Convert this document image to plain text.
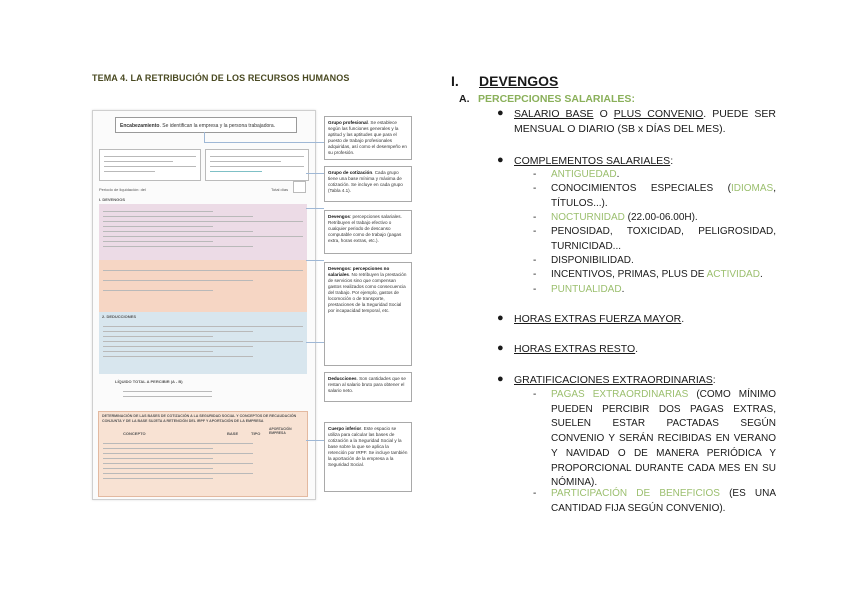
TEMA 4. LA RETRIBUCIÓN DE LOS RECURSOS HUMANOS
Encabezamiento. Se identifican la empresa y la persona trabajadora.
Periodo de liquidación: del	Total días
I. DEVENGOS
2. DEDUCCIONES
LÍQUIDO TOTAL A PERCIBIR (A - B)
DETERMINACIÓN DE LAS BASES DE COTIZACIÓN A LA SEGURIDAD SOCIAL Y CONCEPTOS DE RECAUDACIÓN CONJUNTA Y DE LA BASE SUJETA A RETENCIÓN DEL IRPF Y APORTACIÓN DE LA EMPRESA
CONCEPTO	BASE	TIPO
APORTACIÓN EMPRESA
Grupo profesional. Se establece según las funciones generales y la aptitud y las aptitudes que para el puesto de trabajo profesionales adquiridas, así como el desempeño en su profesión.
Grupo de cotización. Cada grupo tiene una base mínima y máxima de cotización. Se incluye en cada grupo (Tabla 4.1).
Devengos: percepciones salariales. Retribuyen el trabajo efectivo o cualquier periodo de descanso computable como de trabajo (pagas extra, horas extras, etc.).
Devengos: percepciones no salariales. No retribuyen la prestación de servicios sino que compensan gastos realizados como consecuencia del trabajo. Por ejemplo, gastos de locomoción o de transporte, prestaciones de la Seguridad Social por incapacidad temporal, etc.
Deducciones. Son cantidades que se restan al salario bruto para obtener el salario neto.
Cuerpo inferior. Este espacio se utiliza para calcular las bases de cotización a la Seguridad Social y la base sobre la que se aplica la retención por IRPF. Se incluye también la aportación de la empresa a la Seguridad Social.
I. DEVENGOS
A. PERCEPCIONES SALARIALES:
● SALARIO BASE O PLUS CONVENIO. PUEDE SER MENSUAL O DIARIO (SB x DÍAS DEL MES).
● COMPLEMENTOS SALARIALES:
- ANTIGUEDAD.
- CONOCIMIENTOS ESPECIALES (IDIOMAS, TÍTULOS...).
- NOCTURNIDAD (22.00-06.00H).
- PENOSIDAD, TOXICIDAD, PELIGROSIDAD, TURNICIDAD...
- DISPONIBILIDAD.
- INCENTIVOS, PRIMAS, PLUS DE ACTIVIDAD.
- PUNTUALIDAD.
● HORAS EXTRAS FUERZA MAYOR.
● HORAS EXTRAS RESTO.
● GRATIFICACIONES EXTRAORDINARIAS:
- PAGAS EXTRAORDINARIAS (COMO MÍNIMO PUEDEN PERCIBIR DOS PAGAS EXTRAS, SUELEN ESTAR PACTADAS SEGÚN CONVENIO Y SERÁN RECIBIDAS EN VERANO Y NAVIDAD O DE MANERA PERIÓDICA Y PROPORCIONAL DURANTE CADA MES EN SU NÓMINA).
- PARTICIPACIÓN DE BENEFICIOS (ES UNA CANTIDAD FIJA SEGÚN CONVENIO).
